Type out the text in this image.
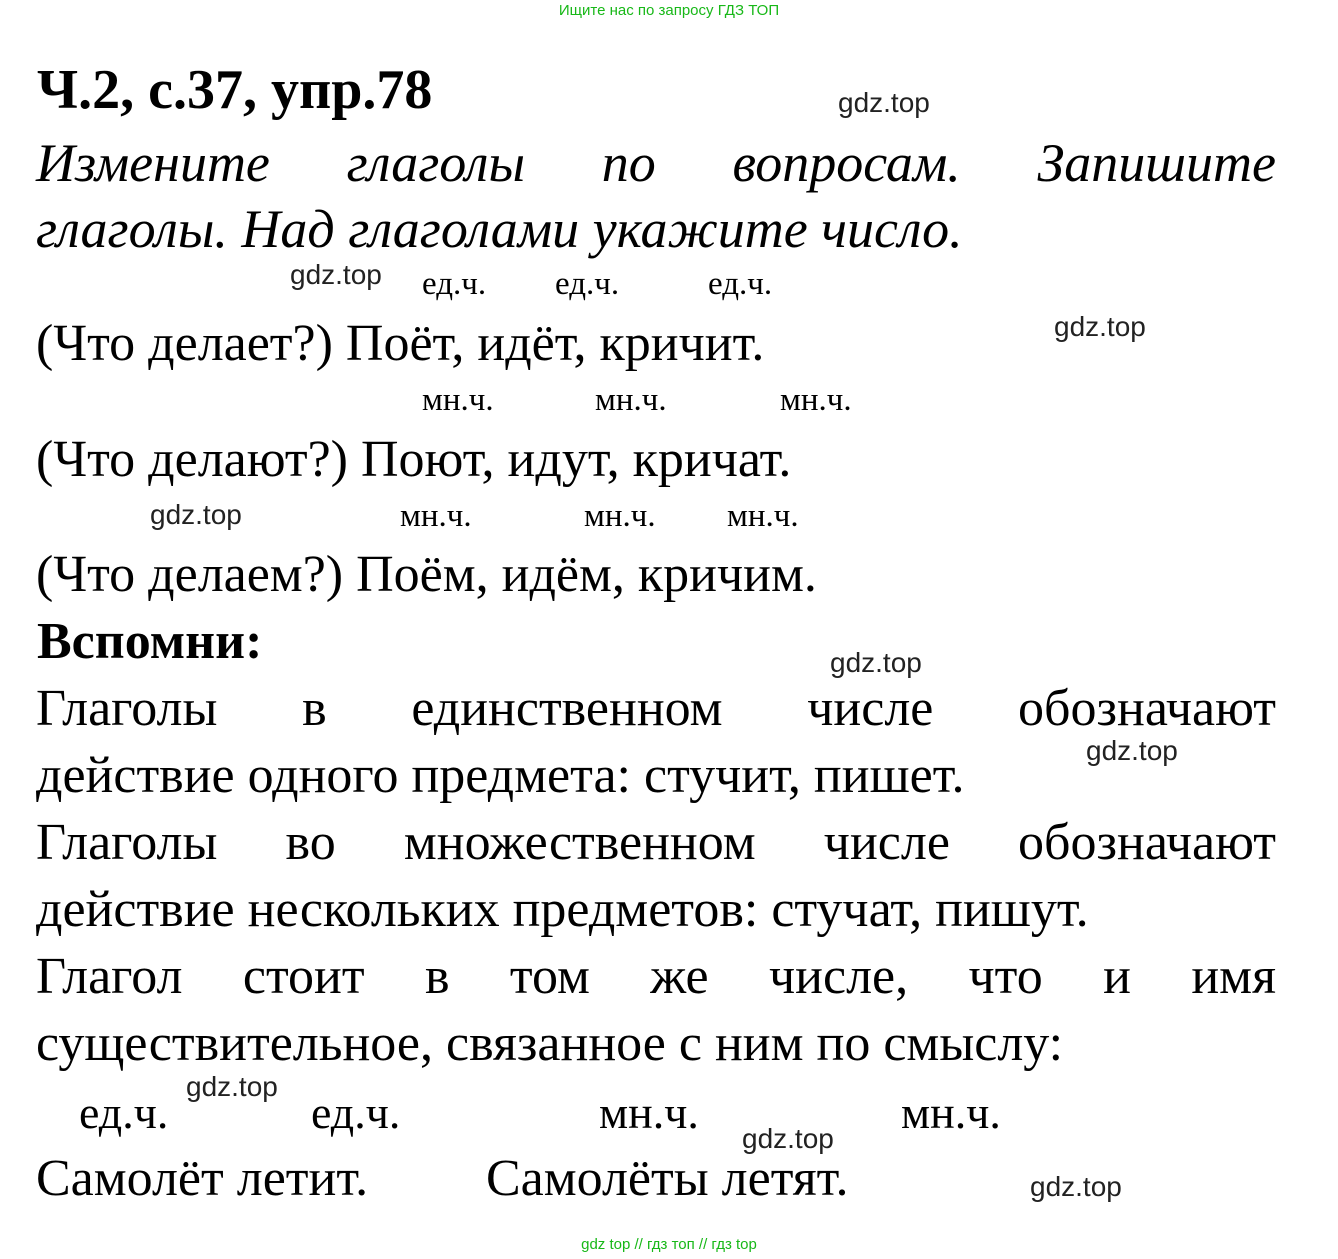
Ищите нас по запросу ГДЗ ТОП
Ч.2, с.37, упр.78
Измените глаголы по вопросам. Запишите
глаголы. Над глаголами укажите число.
ед.ч. ед.ч.	ед.ч.
(Что делает?) Поёт, идёт, кричит.
мн.ч.	мн.ч.	мн.ч.
(Что делают?) Поют, идут, кричат.
мн.ч.	мн.ч. мн.ч.
(Что делаем?) Поём, идём, кричим.
Вспомни:
Глаголы в единственном числе обозначают
действие одного предмета: стучит, пишет.
Глаголы во множественном числе обозначают
действие нескольких предметов: стучат, пишут.
Глагол стоит в том же числе, что и имя
существительное, связанное с ним по смыслу:
ед.ч.	ед.ч.	мн.ч.	мн.ч.
Самолёт летит. Самолёты летят.
gdz.top
gdz.top
gdz.top
gdz.top
gdz.top
gdz.top
gdz.top
gdz.top
gdz.top
gdz top // гдз топ // гдз top
